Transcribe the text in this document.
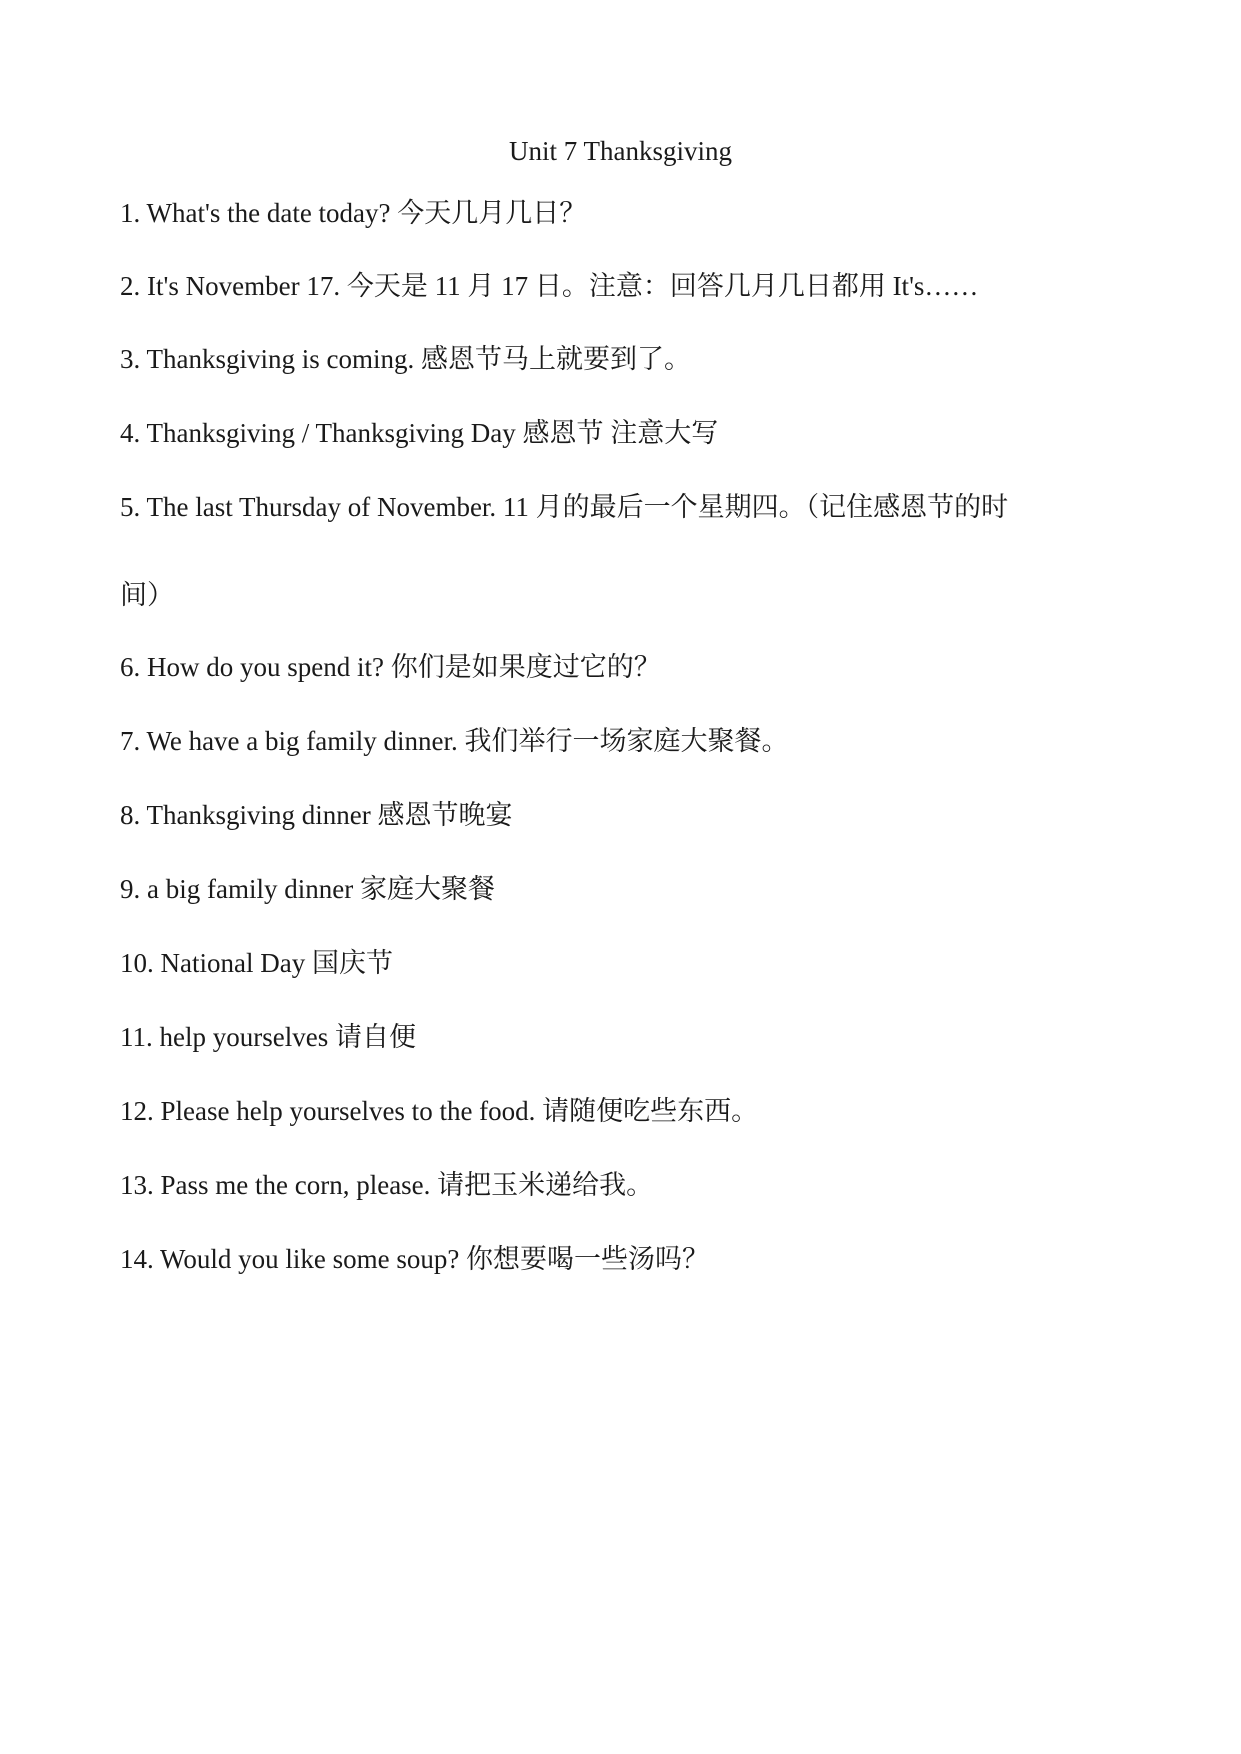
Unit 7 Thanksgiving
1. What's the date today? 今天几月几日？
2. It's November 17. 今天是 11 月 17 日。注意：回答几月几日都用 It's……
3. Thanksgiving is coming. 感恩节马上就要到了。
4. Thanksgiving / Thanksgiving Day 感恩节 注意大写
5. The last Thursday of November. 11 月的最后一个星期四。（记住感恩节的时
间）
6. How do you spend it? 你们是如果度过它的？
7. We have a big family dinner. 我们举行一场家庭大聚餐。
8. Thanksgiving dinner 感恩节晚宴
9. a big family dinner 家庭大聚餐
10. National Day 国庆节
11. help yourselves 请自便
12. Please help yourselves to the food. 请随便吃些东西。
13. Pass me the corn, please. 请把玉米递给我。
14. Would you like some soup? 你想要喝一些汤吗？
